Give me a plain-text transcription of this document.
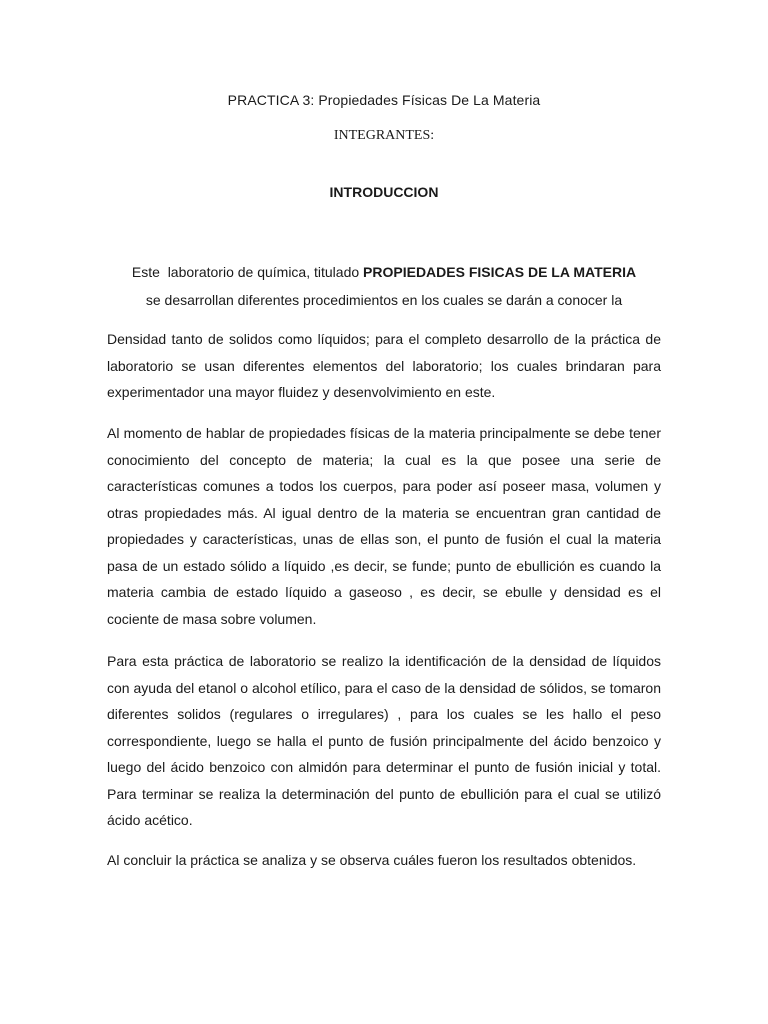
PRACTICA 3: Propiedades Físicas De La Materia
INTEGRANTES:
INTRODUCCION
Este  laboratorio de química, titulado PROPIEDADES FISICAS DE LA MATERIA
se desarrollan diferentes procedimientos en los cuales se darán a conocer la

Densidad tanto de solidos como líquidos; para el completo desarrollo de la práctica de laboratorio se usan diferentes elementos del laboratorio; los cuales brindaran para experimentador una mayor fluidez y desenvolvimiento en este.

Al momento de hablar de propiedades físicas de la materia principalmente se debe tener conocimiento del concepto de materia; la cual es la que posee una serie de características comunes a todos los cuerpos, para poder así poseer masa, volumen y otras propiedades más. Al igual dentro de la materia se encuentran gran cantidad de propiedades y características, unas de ellas son, el punto de fusión el cual la materia pasa de un estado sólido a líquido ,es decir, se funde; punto de ebullición es cuando la materia cambia de estado líquido a gaseoso , es decir, se ebulle y densidad es el cociente de masa sobre volumen.

Para esta práctica de laboratorio se realizo la identificación de la densidad de líquidos con ayuda del etanol o alcohol etílico, para el caso de la densidad de sólidos, se tomaron diferentes solidos (regulares o irregulares) , para los cuales se les hallo el peso correspondiente, luego se halla el punto de fusión principalmente del ácido benzoico y luego del ácido benzoico con almidón para determinar el punto de fusión inicial y total. Para terminar se realiza la determinación del punto de ebullición para el cual se utilizó ácido acético.

Al concluir la práctica se analiza y se observa cuáles fueron los resultados obtenidos.
